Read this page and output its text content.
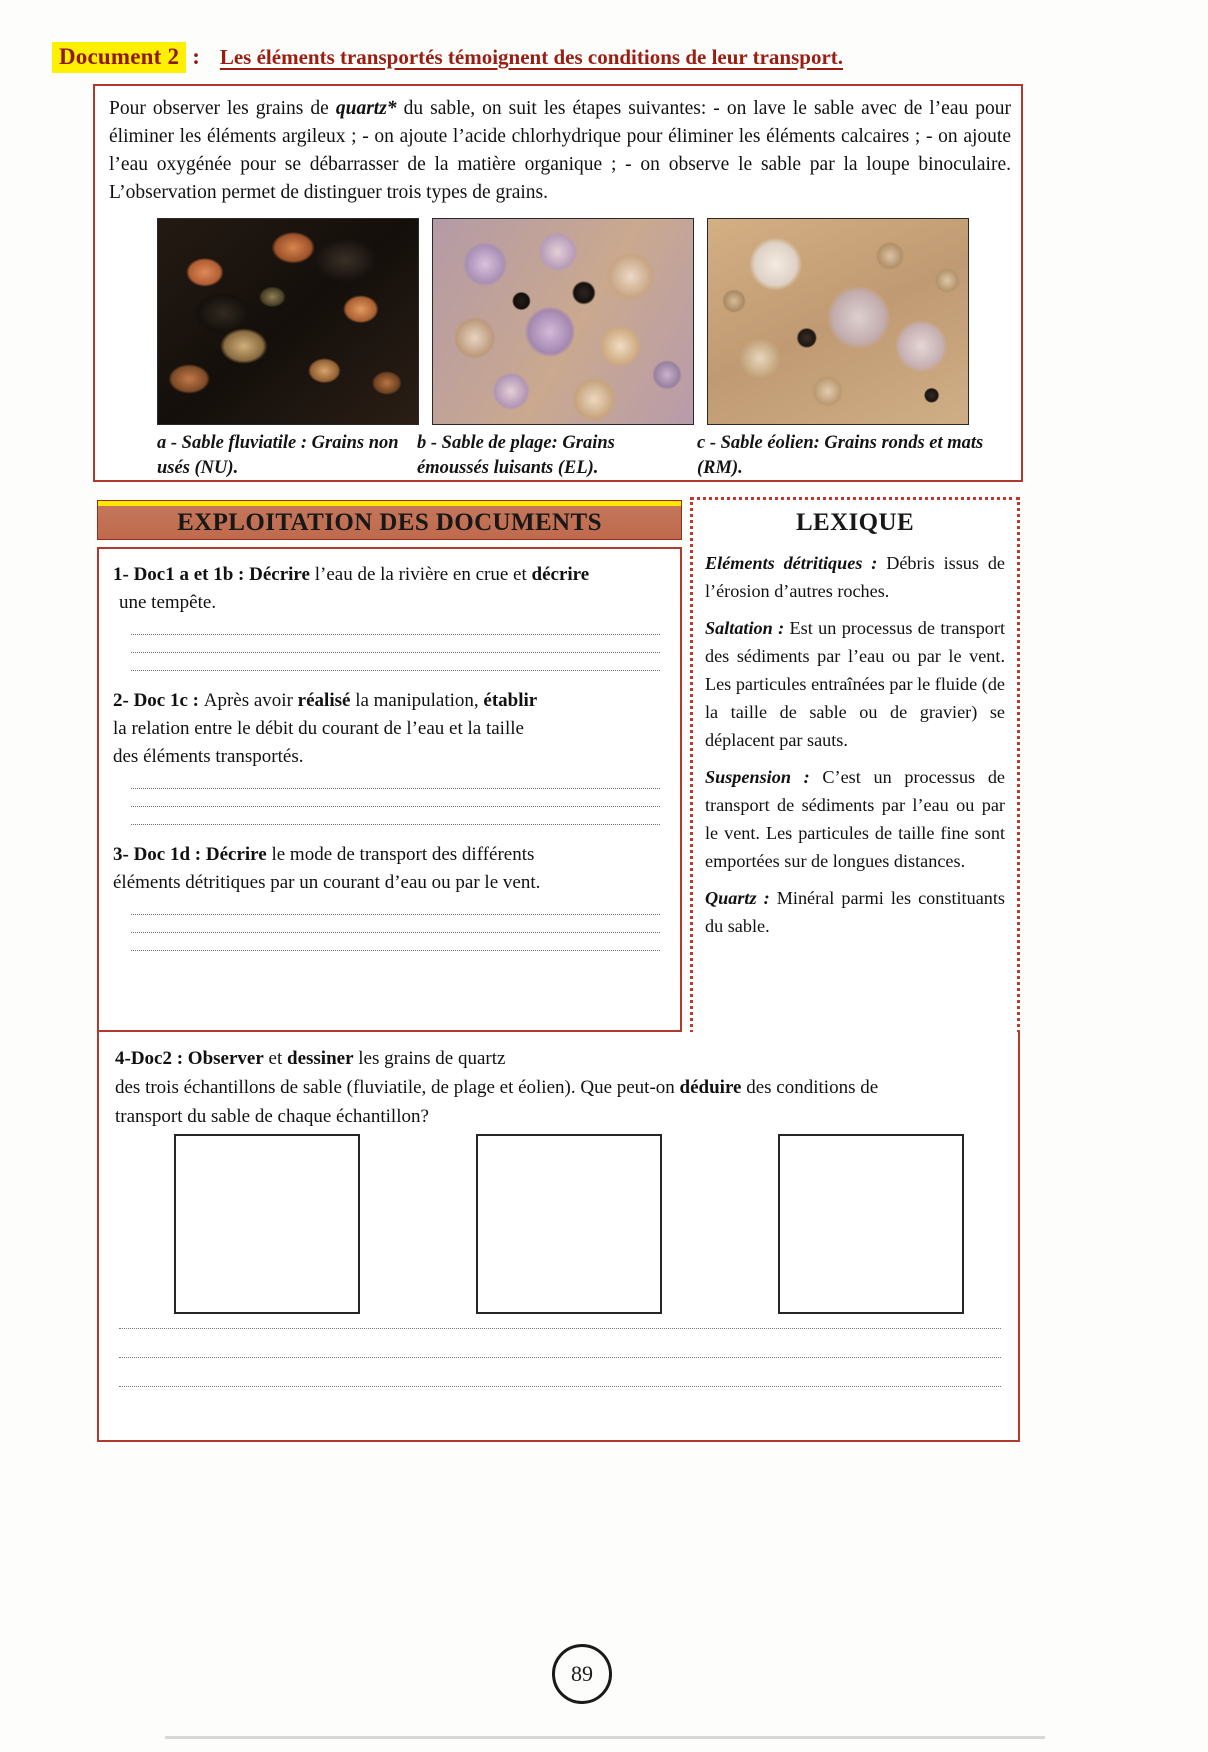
Document 2 : Les éléments transportés témoignent des conditions de leur transport.
Pour observer les grains de quartz* du sable, on suit les étapes suivantes: - on lave le sable avec de l’eau pour éliminer les éléments argileux ; - on ajoute l’acide chlorhydrique pour éliminer les éléments calcaires ; - on ajoute l’eau oxygénée pour se débarrasser de la matière organique ; - on observe le sable par la loupe binoculaire. L’observation permet de distinguer trois types de grains.
a - Sable fluviatile : Grains non usés (NU).
b - Sable de plage: Grains émoussés luisants (EL).
c - Sable éolien: Grains ronds et mats (RM).
EXPLOITATION DES DOCUMENTS
1- Doc1 a et 1b : Décrire l’eau de la rivière en crue et décrire
une tempête.
2- Doc 1c : Après avoir réalisé la manipulation, établir
la relation entre le débit du courant de l’eau et la taille
des éléments transportés.
3- Doc 1d : Décrire le mode de transport des différents
éléments détritiques par un courant d’eau ou par le vent.
LEXIQUE
Eléments détritiques : Débris issus de l’érosion d’autres roches.
Saltation : Est un processus de transport des sédiments par l’eau ou par le vent. Les particules entraînées par le fluide (de la taille de sable ou de gravier) se déplacent par sauts.
Suspension : C’est un processus de transport de sédiments par l’eau ou par le vent. Les particules de taille fine sont emportées sur de longues distances.
Quartz : Minéral parmi les constituants du sable.
4-Doc2 : Observer et dessiner les grains de quartz
des trois échantillons de sable (fluviatile, de plage et éolien). Que peut-on déduire des conditions de
transport du sable de chaque échantillon?
89
